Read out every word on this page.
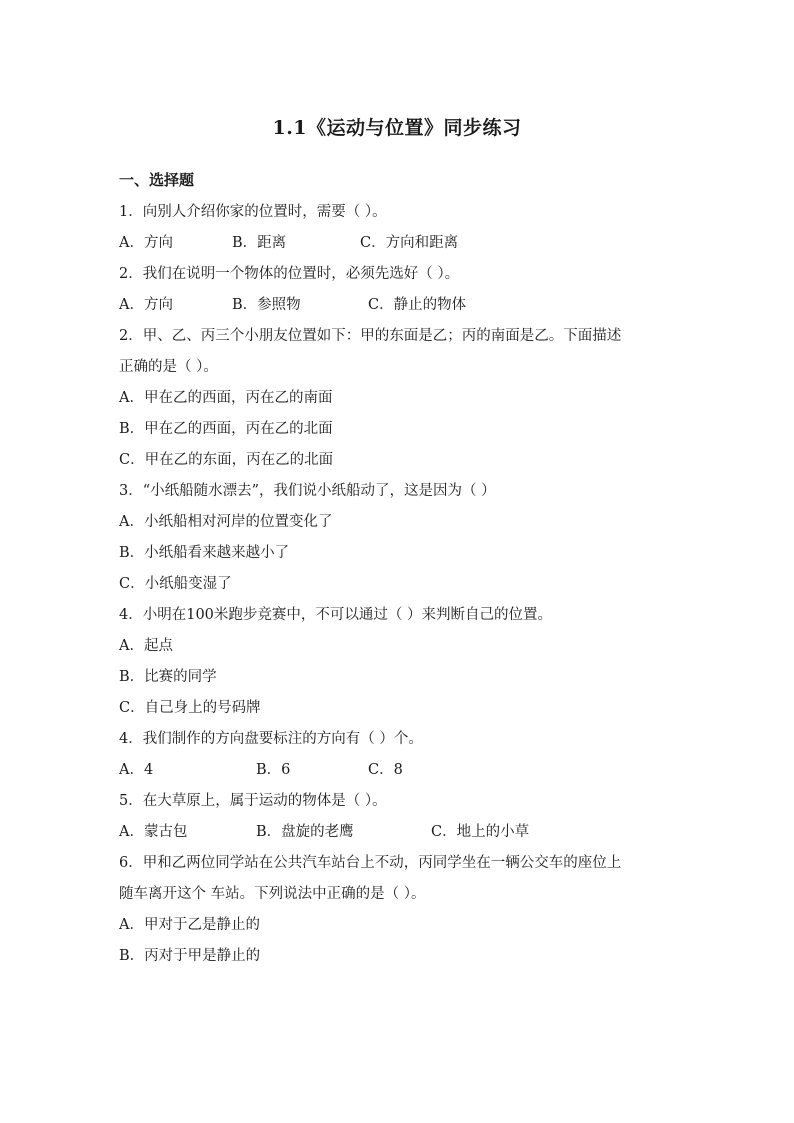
1.1《运动与位置》同步练习
一、选择题
1．向别人介绍你家的位置时，需要（ ）。
A．方向	B．距离	C．方向和距离
2．我们在说明一个物体的位置时，必须先选好（ ）。
A．方向	B．参照物	C．静止的物体
2．甲、乙、丙三个小朋友位置如下：甲的东面是乙；丙的南面是乙。下面描述
正确的是（ ）。
A．甲在乙的西面，丙在乙的南面
B．甲在乙的西面，丙在乙的北面
C．甲在乙的东面，丙在乙的北面
3．“小纸船随水漂去”，我们说小纸船动了，这是因为（ ）
A．小纸船相对河岸的位置变化了
B．小纸船看来越来越小了
C．小纸船变湿了
4．小明在100米跑步竞赛中，不可以通过（ ）来判断自己的位置。
A．起点
B．比赛的同学
C．自己身上的号码牌
4．我们制作的方向盘要标注的方向有（ ）个。
A．4	B．6	C．8
5．在大草原上，属于运动的物体是（ ）。
A．蒙古包	B．盘旋的老鹰	C．地上的小草
6．甲和乙两位同学站在公共汽车站台上不动，丙同学坐在一辆公交车的座位上
随车离开这个 车站。下列说法中正确的是（ ）。
A．甲对于乙是静止的
B．丙对于甲是静止的
